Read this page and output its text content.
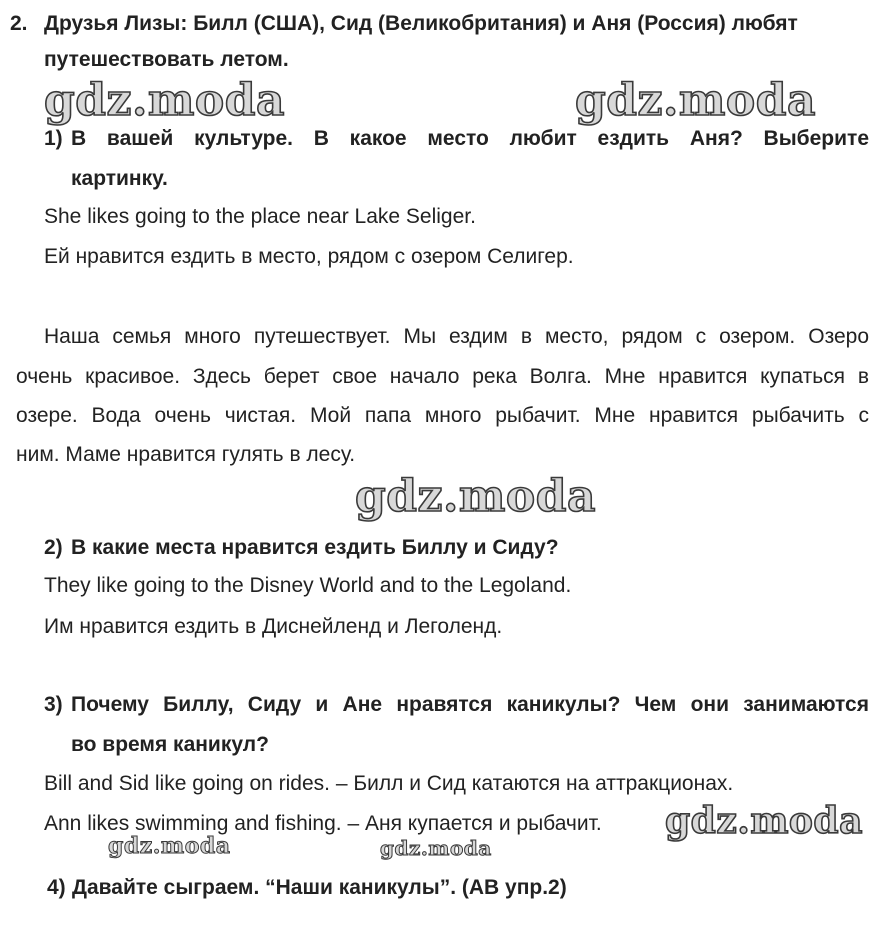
2. Друзья Лизы: Билл (США), Сид (Великобритания) и Аня (Россия) любят
путешествовать летом.
gdz.moda	gdz.moda
1) В вашей культуре. В какое место любит ездить Аня? Выберите
картинку.
She likes going to the place near Lake Seliger.
Ей нравится ездить в место, рядом с озером Селигер.
Наша семья много путешествует. Мы ездим в место, рядом с озером. Озеро
очень красивое. Здесь берет свое начало река Волга. Мне нравится купаться в
озере. Вода очень чистая. Мой папа много рыбачит. Мне нравится рыбачить с
ним. Маме нравится гулять в лесу.
gdz.moda
2) В какие места нравится ездить Биллу и Сиду?
They like going to the Disney World and to the Legoland.
Им нравится ездить в Диснейленд и Леголенд.
3) Почему Биллу, Сиду и Ане нравятся каникулы? Чем они занимаются
во время каникул?
Bill and Sid like going on rides. – Билл и Сид катаются на аттракционах.
Ann likes swimming and fishing. – Аня купается и рыбачит. gdz.moda
gdz.moda	gdz.moda
4) Давайте сыграем. “Наши каникулы”. (АВ упр.2)
